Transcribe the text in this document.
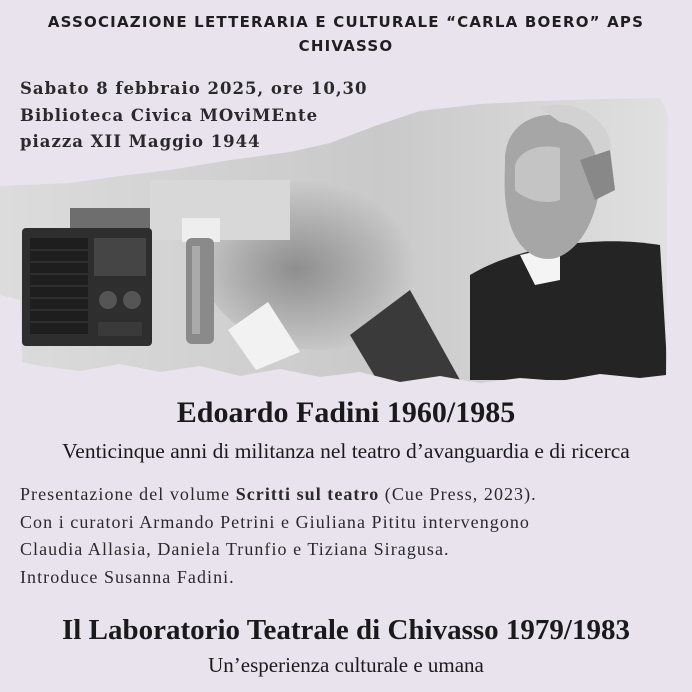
ASSOCIAZIONE LETTERARIA E CULTURALE “CARLA BOERO” APS
CHIVASSO
Sabato 8 febbraio 2025, ore 10,30
Biblioteca Civica MOviMEnte
piazza XII Maggio 1944
Edoardo Fadini 1960/1985
Venticinque anni di militanza nel teatro d’avanguardia e di ricerca
Presentazione del volume Scritti sul teatro (Cue Press, 2023).
Con i curatori Armando Petrini e Giuliana Pititu intervengono
Claudia Allasia, Daniela Trunfio e Tiziana Siragusa.
Introduce Susanna Fadini.
Il Laboratorio Teatrale di Chivasso 1979/1983
Un’esperienza culturale e umana
